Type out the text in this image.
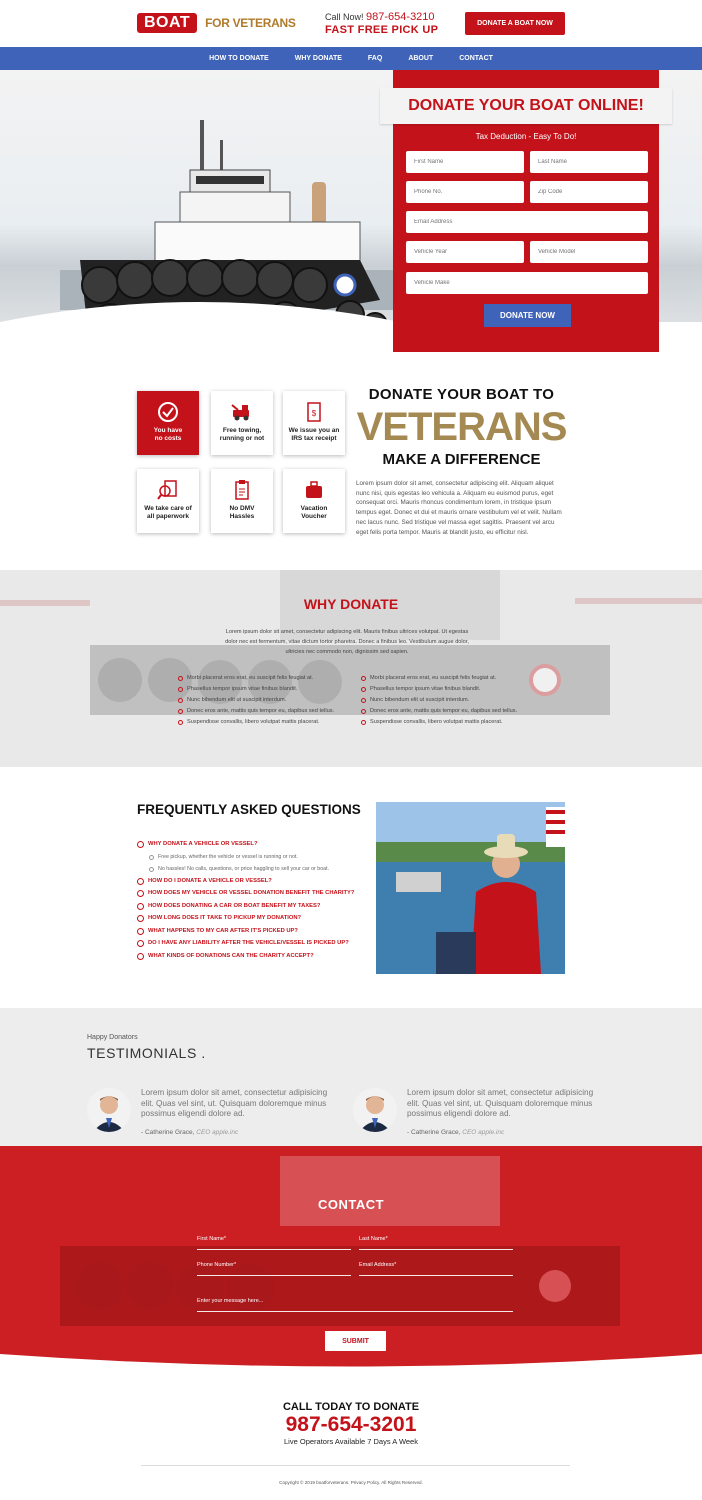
BOAT	FOR VETERANS	Call Now! 987-654-3210
FAST FREE PICK UP
DONATE A BOAT NOW
HOW TO DONATE	WHY DONATE	FAQ	ABOUT	CONTACT
DONATE YOUR BOAT ONLINE!
Tax Deduction - Easy To Do!
First Name
Last Name
Phone No.
Zip Code
Email Address
Vehicle Year
Vehicle Model
Vehicle Make
DONATE NOW
You have
no costs
Free towing,
running or not
$
We issue you an
IRS tax receipt
We take care of
all paperwork
No DMV
Hassles
Vacation
Voucher
DONATE YOUR BOAT TO
VETERANS
MAKE A DIFFERENCE
Lorem ipsum dolor sit amet, consectetur adipiscing elit. Aliquam aliquet nunc nisi, quis egestas leo vehicula a. Aliquam eu euismod purus, eget consequat orci. Mauris rhoncus condimentum lorem, in tristique ipsum tempus eget. Donec et dui et mauris ornare vestibulum vel et velit. Nullam nec lacus nunc. Sed tristique vel massa eget sagittis. Praesent vel arcu eget felis porta tempor. Mauris at blandit justo, eu efficitur nisl.
WHY DONATE
Lorem ipsum dolor sit amet, consectetur adipiscing elit. Mauris finibus ultrices volutpat. Ut egestas dolor nec est fermentum, vitae dictum tortor pharetra. Donec a finibus leo. Vestibulum augue dolor, ultricies nec commodo non, dignissim sed sapien.
Morbi placerat eros erat, eu suscipit felis feugiat at.
Phasellus tempor ipsum vitae finibus blandit.
Nunc bibendum elit ut suscipit interdum.
Donec eros ante, mattis quis tempor eu, dapibus sed tellus.
Suspendisse convallis, libero volutpat mattis placerat.
Morbi placerat eros erat, eu suscipit felis feugiat at.
Phasellus tempor ipsum vitae finibus blandit.
Nunc bibendum elit ut suscipit interdum.
Donec eros ante, mattis quis tempor eu, dapibus sed tellus.
Suspendisse convallis, libero volutpat mattis placerat.
FREQUENTLY ASKED QUESTIONS
WHY DONATE A VEHICLE OR VESSEL?
Free pickup, whether the vehicle or vessel is running or not.
No hassles! No calls, questions, or price haggling to sell your car or boat.
HOW DO I DONATE A VEHICLE OR VESSEL?
HOW DOES MY VEHICLE OR VESSEL DONATION BENEFIT THE CHARITY?
HOW DOES DONATING A CAR OR BOAT BENEFIT MY TAXES?
HOW LONG DOES IT TAKE TO PICKUP MY DONATION?
WHAT HAPPENS TO MY CAR AFTER IT'S PICKED UP?
DO I HAVE ANY LIABILITY AFTER THE VEHICLE/VESSEL IS PICKED UP?
WHAT KINDS OF DONATIONS CAN THE CHARITY ACCEPT?
Happy Donators
TESTIMONIALS .
Lorem ipsum dolor sit amet, consectetur adipisicing elit. Quas vel sint, ut. Quisquam doloremque minus possimus eligendi dolore ad.
- Catherine Grace, CEO apple.inc
Lorem ipsum dolor sit amet, consectetur adipisicing elit. Quas vel sint, ut. Quisquam doloremque minus possimus eligendi dolore ad.
- Catherine Grace, CEO apple.inc
CONTACT
First Name*	Last Name*
Phone Number*	Email Address*
Enter your message here...
SUBMIT
CALL TODAY TO DONATE
987-654-3201
Live Operators Available 7 Days A Week
Copyright © 2019 boatforveterans. Privacy Policy. All Rights Reserved.
